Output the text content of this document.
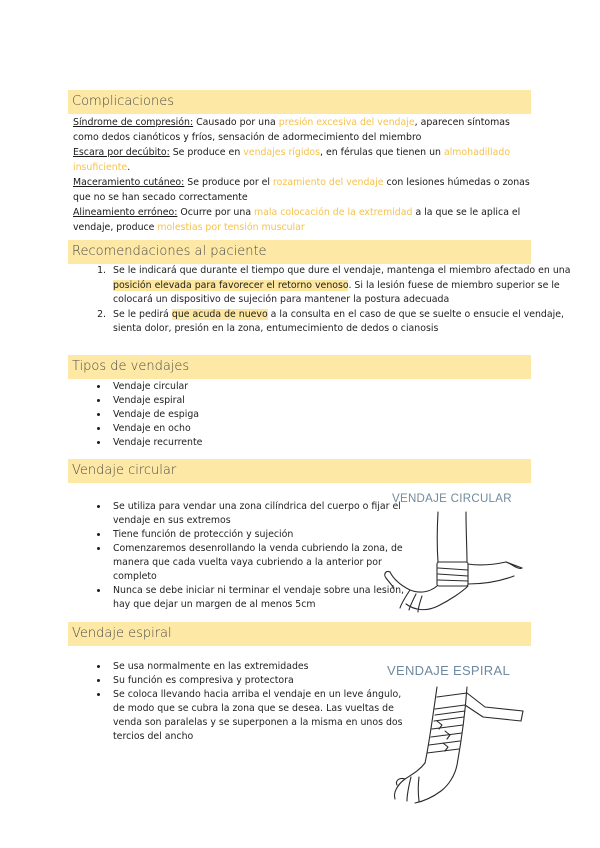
Complicaciones
Síndrome de compresión: Causado por una presión excesiva del vendaje, aparecen síntomas como dedos cianóticos y fríos, sensación de adormecimiento del miembro
Escara por decúbito: Se produce en vendajes rígidos, en férulas que tienen un almohadillado insuficiente.
Maceramiento cutáneo: Se produce por el rozamiento del vendaje con lesiones húmedas o zonas que no se han secado correctamente
Alineamiento erróneo: Ocurre por una mala colocación de la extremidad a la que se le aplica el vendaje, produce molestias por tensión muscular
Recomendaciones al paciente
1. Se le indicará que durante el tiempo que dure el vendaje, mantenga el miembro afectado en una posición elevada para favorecer el retorno venoso. Si la lesión fuese de miembro superior se le colocará un dispositivo de sujeción para mantener la postura adecuada
2. Se le pedirá que acuda de nuevo a la consulta en el caso de que se suelte o ensucie el vendaje, sienta dolor, presión en la zona, entumecimiento de dedos o cianosis
Tipos de vendajes
• Vendaje circular
• Vendaje espiral
• Vendaje de espiga
• Vendaje en ocho
• Vendaje recurrente
Vendaje circular
• Se utiliza para vendar una zona cilíndrica del cuerpo o fijar el vendaje en sus extremos
• Tiene función de protección y sujeción
• Comenzaremos desenrollando la venda cubriendo la zona, de manera que cada vuelta vaya cubriendo a la anterior por completo
• Nunca se debe iniciar ni terminar el vendaje sobre una lesión, hay que dejar un margen de al menos 5cm
VENDAJE CIRCULAR
Vendaje espiral
• Se usa normalmente en las extremidades
• Su función es compresiva y protectora
• Se coloca llevando hacia arriba el vendaje en un leve ángulo, de modo que se cubra la zona que se desea. Las vueltas de venda son paralelas y se superponen a la misma en unos dos tercios del ancho
VENDAJE ESPIRAL
